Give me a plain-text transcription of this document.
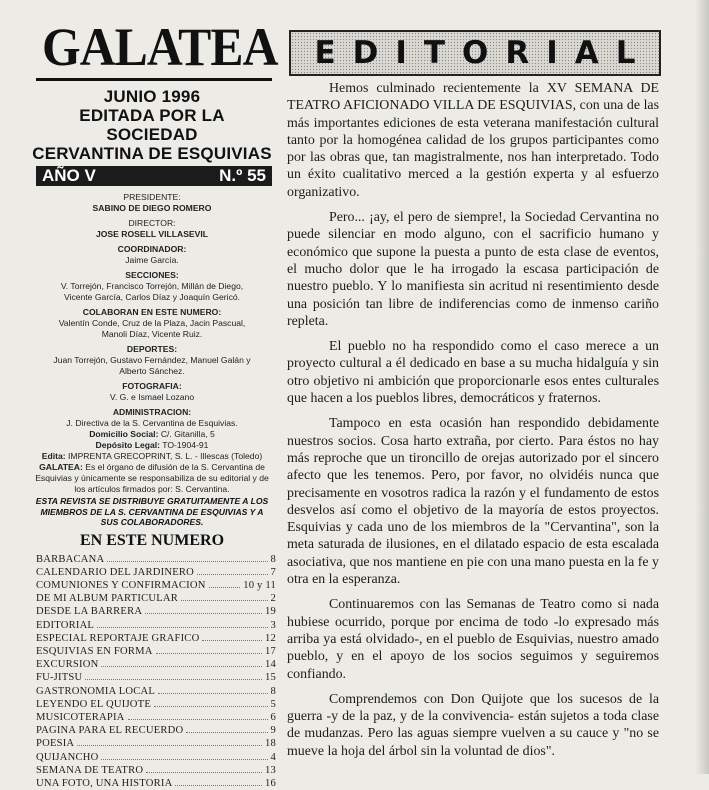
GALATEA
JUNIO 1996
EDITADA POR LA SOCIEDAD
CERVANTINA DE ESQUIVIAS
AÑO V	N.º 55
PRESIDENTE:
SABINO DE DIEGO ROMERO
DIRECTOR:
JOSE ROSELL VILLASEVIL
COORDINADOR:
Jaime García.
SECCIONES:
V. Torrejón, Francisco Torrejón, Millán de Diego,
Vicente García, Carlos Díaz y Joaquín Gericó.
COLABORAN EN ESTE NUMERO:
Valentín Conde, Cruz de la Plaza, Jacin Pascual,
Manoli Díaz, Vicente Ruiz.
DEPORTES:
Juan Torrejón, Gustavo Fernández, Manuel Galán y
Alberto Sánchez.
FOTOGRAFIA:
V. G. e Ismael Lozano
ADMINISTRACION:
J. Directiva de la S. Cervantina de Esquivias.
Domicilio Social: C/. Gitanilla, 5
Depósito Legal: TO-1904-91
Edita: IMPRENTA GRECOPRINT, S. L. - Illescas (Toledo)
GALATEA: Es el órgano de difusión de la S. Cervantina de
Esquivias y únicamente se responsabiliza de su editorial y de
los artículos firmados por: S. Cervantina.
ESTA REVISTA SE DISTRIBUYE GRATUITAMENTE A LOS
MIEMBROS DE LA S. CERVANTINA DE ESQUIVIAS Y A
SUS COLABORADORES.
EN ESTE NUMERO
BARBACANA	8
CALENDARIO DEL JARDINERO	7
COMUNIONES Y CONFIRMACION	10 y 11
DE MI ALBUM PARTICULAR	2
DESDE LA BARRERA	19
EDITORIAL	3
ESPECIAL REPORTAJE GRAFICO	12
ESQUIVIAS EN FORMA	17
EXCURSION	14
FU-JITSU	15
GASTRONOMIA LOCAL	8
LEYENDO EL QUIJOTE	5
MUSICOTERAPIA	6
PAGINA PARA EL RECUERDO	9
POESIA	18
QUIJANCHO	4
SEMANA DE TEATRO	13
UNA FOTO, UNA HISTORIA	16
EDITORIAL

Hemos culminado recientemente la XV SEMANA DE TEATRO AFICIONADO VILLA DE ESQUIVIAS, con una de las más importantes ediciones de esta veterana manifestación cultural tanto por la homogénea calidad de los grupos participantes como por las obras que, tan magistralmente, nos han interpretado. Todo un éxito cualitativo merced a la gestión experta y al esfuerzo organizativo.

Pero... ¡ay, el pero de siempre!, la Sociedad Cervantina no puede silenciar en modo alguno, con el sacrificio humano y económico que supone la puesta a punto de esta clase de eventos, el mucho dolor que le ha irrogado la escasa participación de nuestro pueblo. Y lo manifiesta sin acritud ni resentimiento desde una posición tan libre de indiferencias como de inmenso cariño repleta.

El pueblo no ha respondido como el caso merece a un proyecto cultural a él dedicado en base a su mucha hidalguía y sin otro objetivo ni ambición que proporcionarle esos entes culturales que hacen a los pueblos libres, democráticos y fraternos.

Tampoco en esta ocasión han respondido debidamente nuestros socios. Cosa harto extraña, por cierto. Para éstos no hay más reproche que un tironcillo de orejas autorizado por el sincero afecto que les tenemos. Pero, por favor, no olvidéis nunca que precisamente en vosotros radica la razón y el fundamento de estos desvelos así como el objetivo de la mayoría de estos proyectos. Esquivias y cada uno de los miembros de la "Cervantina", son la meta saturada de ilusiones, en el dilatado espacio de esta escalada asociativa, que nos mantiene en pie con una mano puesta en la fe y otra en la esperanza.

Continuaremos con las Semanas de Teatro como si nada hubiese ocurrido, porque por encima de todo -lo expresado más arriba ya está olvidado-, en el pueblo de Esquivias, nuestro amado pueblo, y en el apoyo de los socios seguimos y seguiremos confiando.

Comprendemos con Don Quijote que los sucesos de la guerra -y de la paz, y de la convivencia- están sujetos a toda clase de mudanzas. Pero las aguas siempre vuelven a su cauce y "no se mueve la hoja del árbol sin la voluntad de dios".
